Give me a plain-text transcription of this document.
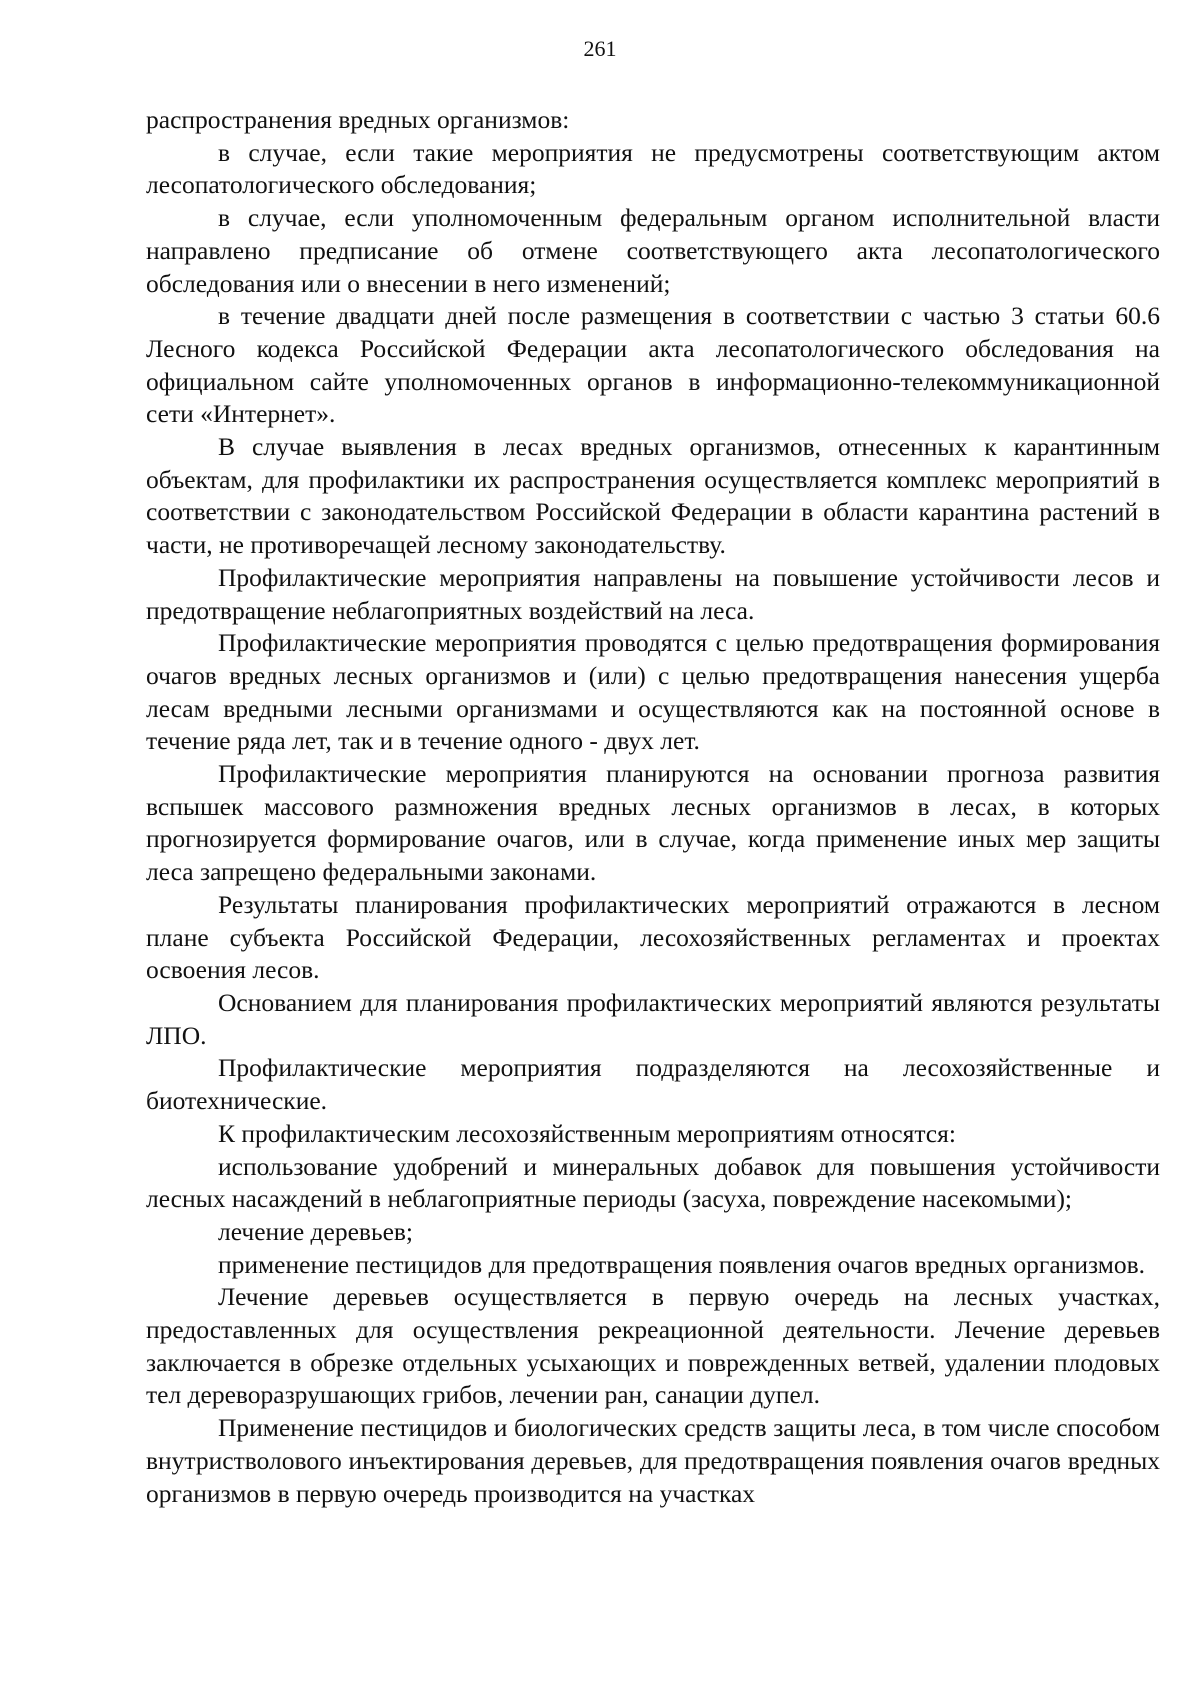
261

распространения вредных организмов:

в случае, если такие мероприятия не предусмотрены соответствующим актом лесопатологического обследования;

в случае, если уполномоченным федеральным органом исполнительной власти направлено предписание об отмене соответствующего акта лесопатологического обследования или о внесении в него изменений;

в течение двадцати дней после размещения в соответствии с частью 3 статьи 60.6 Лесного кодекса Российской Федерации акта лесопатологического обследования на официальном сайте уполномоченных органов в информационно-телекоммуникационной сети «Интернет».

В случае выявления в лесах вредных организмов, отнесенных к карантинным объектам, для профилактики их распространения осуществляется комплекс мероприятий в соответствии с законодательством Российской Федерации в области карантина растений в части, не противоречащей лесному законодательству.

Профилактические мероприятия направлены на повышение устойчивости лесов и предотвращение неблагоприятных воздействий на леса.

Профилактические мероприятия проводятся с целью предотвращения формирования очагов вредных лесных организмов и (или) с целью предотвращения нанесения ущерба лесам вредными лесными организмами и осуществляются как на постоянной основе в течение ряда лет, так и в течение одного - двух лет.

Профилактические мероприятия планируются на основании прогноза развития вспышек массового размножения вредных лесных организмов в лесах, в которых прогнозируется формирование очагов, или в случае, когда применение иных мер защиты леса запрещено федеральными законами.

Результаты планирования профилактических мероприятий отражаются в лесном плане субъекта Российской Федерации, лесохозяйственных регламентах и проектах освоения лесов.

Основанием для планирования профилактических мероприятий являются результаты ЛПО.

Профилактические мероприятия подразделяются на лесохозяйственные и биотехнические.

К профилактическим лесохозяйственным мероприятиям относятся:

использование удобрений и минеральных добавок для повышения устойчивости лесных насаждений в неблагоприятные периоды (засуха, повреждение насекомыми);

лечение деревьев;

применение пестицидов для предотвращения появления очагов вредных организмов.

Лечение деревьев осуществляется в первую очередь на лесных участках, предоставленных для осуществления рекреационной деятельности. Лечение деревьев заключается в обрезке отдельных усыхающих и поврежденных ветвей, удалении плодовых тел дереворазрушающих грибов, лечении ран, санации дупел.

Применение пестицидов и биологических средств защиты леса, в том числе способом внутристволового инъектирования деревьев, для предотвращения появления очагов вредных организмов в первую очередь производится на участках
